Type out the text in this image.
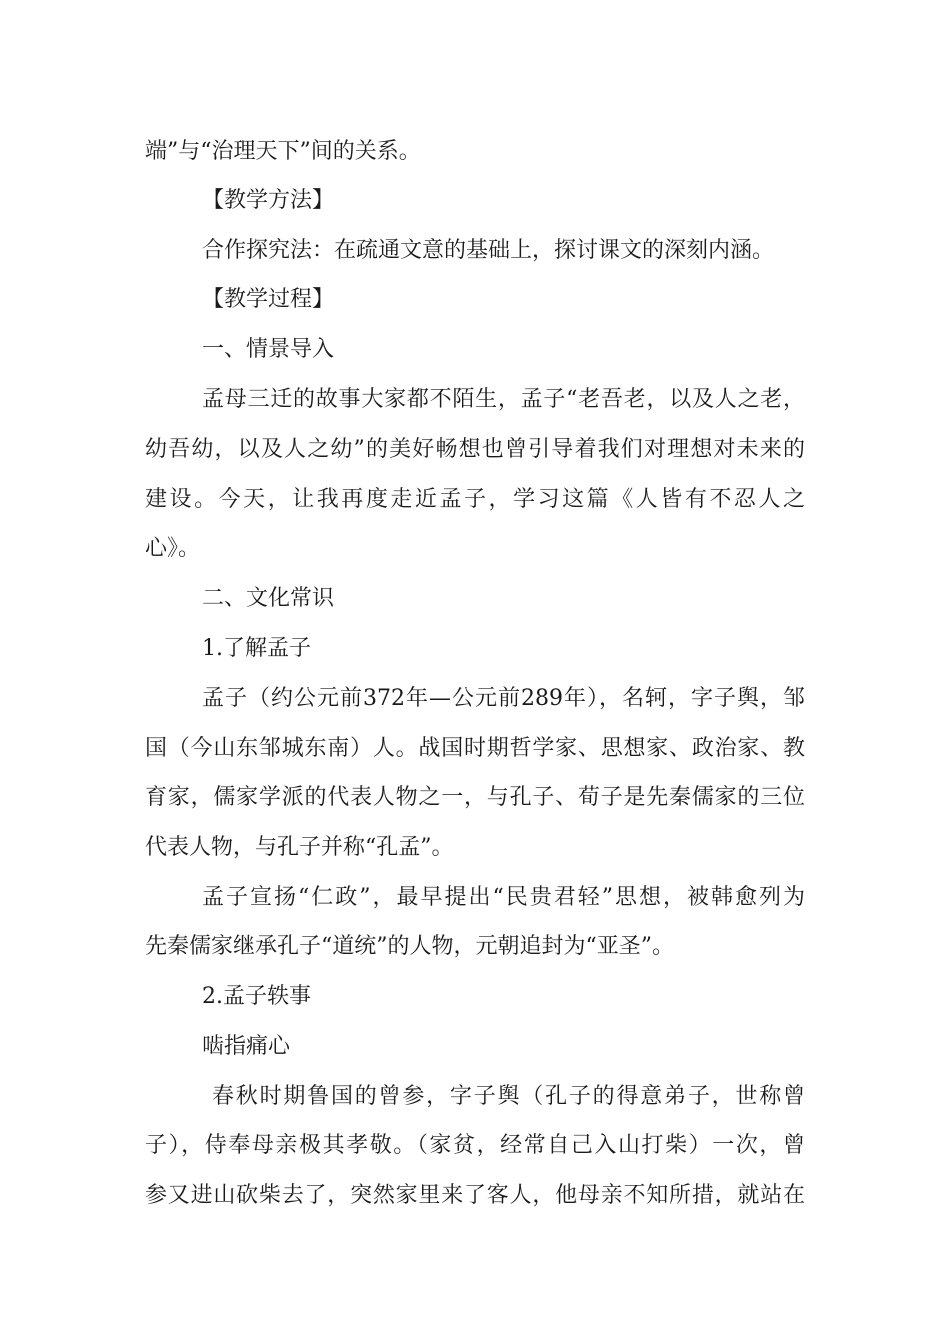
端”与“治理天下”间的关系。
【教学方法】
合作探究法：在疏通文意的基础上，探讨课文的深刻内涵。
【教学过程】
一、情景导入
孟母三迁的故事大家都不陌生，孟子“老吾老，以及人之老，
幼吾幼，以及人之幼”的美好畅想也曾引导着我们对理想对未来的
建设。今天，让我再度走近孟子，学习这篇《人皆有不忍人之
心》。
二、文化常识
1.了解孟子
孟子（约公元前372年—公元前289年），名轲，字子舆，邹
国（今山东邹城东南）人。战国时期哲学家、思想家、政治家、教
育家，儒家学派的代表人物之一，与孔子、荀子是先秦儒家的三位
代表人物，与孔子并称“孔孟”。
孟子宣扬“仁政”，最早提出“民贵君轻”思想，被韩愈列为
先秦儒家继承孔子“道统”的人物，元朝追封为“亚圣”。
2.孟子轶事
啮指痛心
春秋时期鲁国的曾参，字子舆（孔子的得意弟子，世称曾
子），侍奉母亲极其孝敬。（家贫，经常自己入山打柴）一次，曾
参又进山砍柴去了，突然家里来了客人，他母亲不知所措，就站在
